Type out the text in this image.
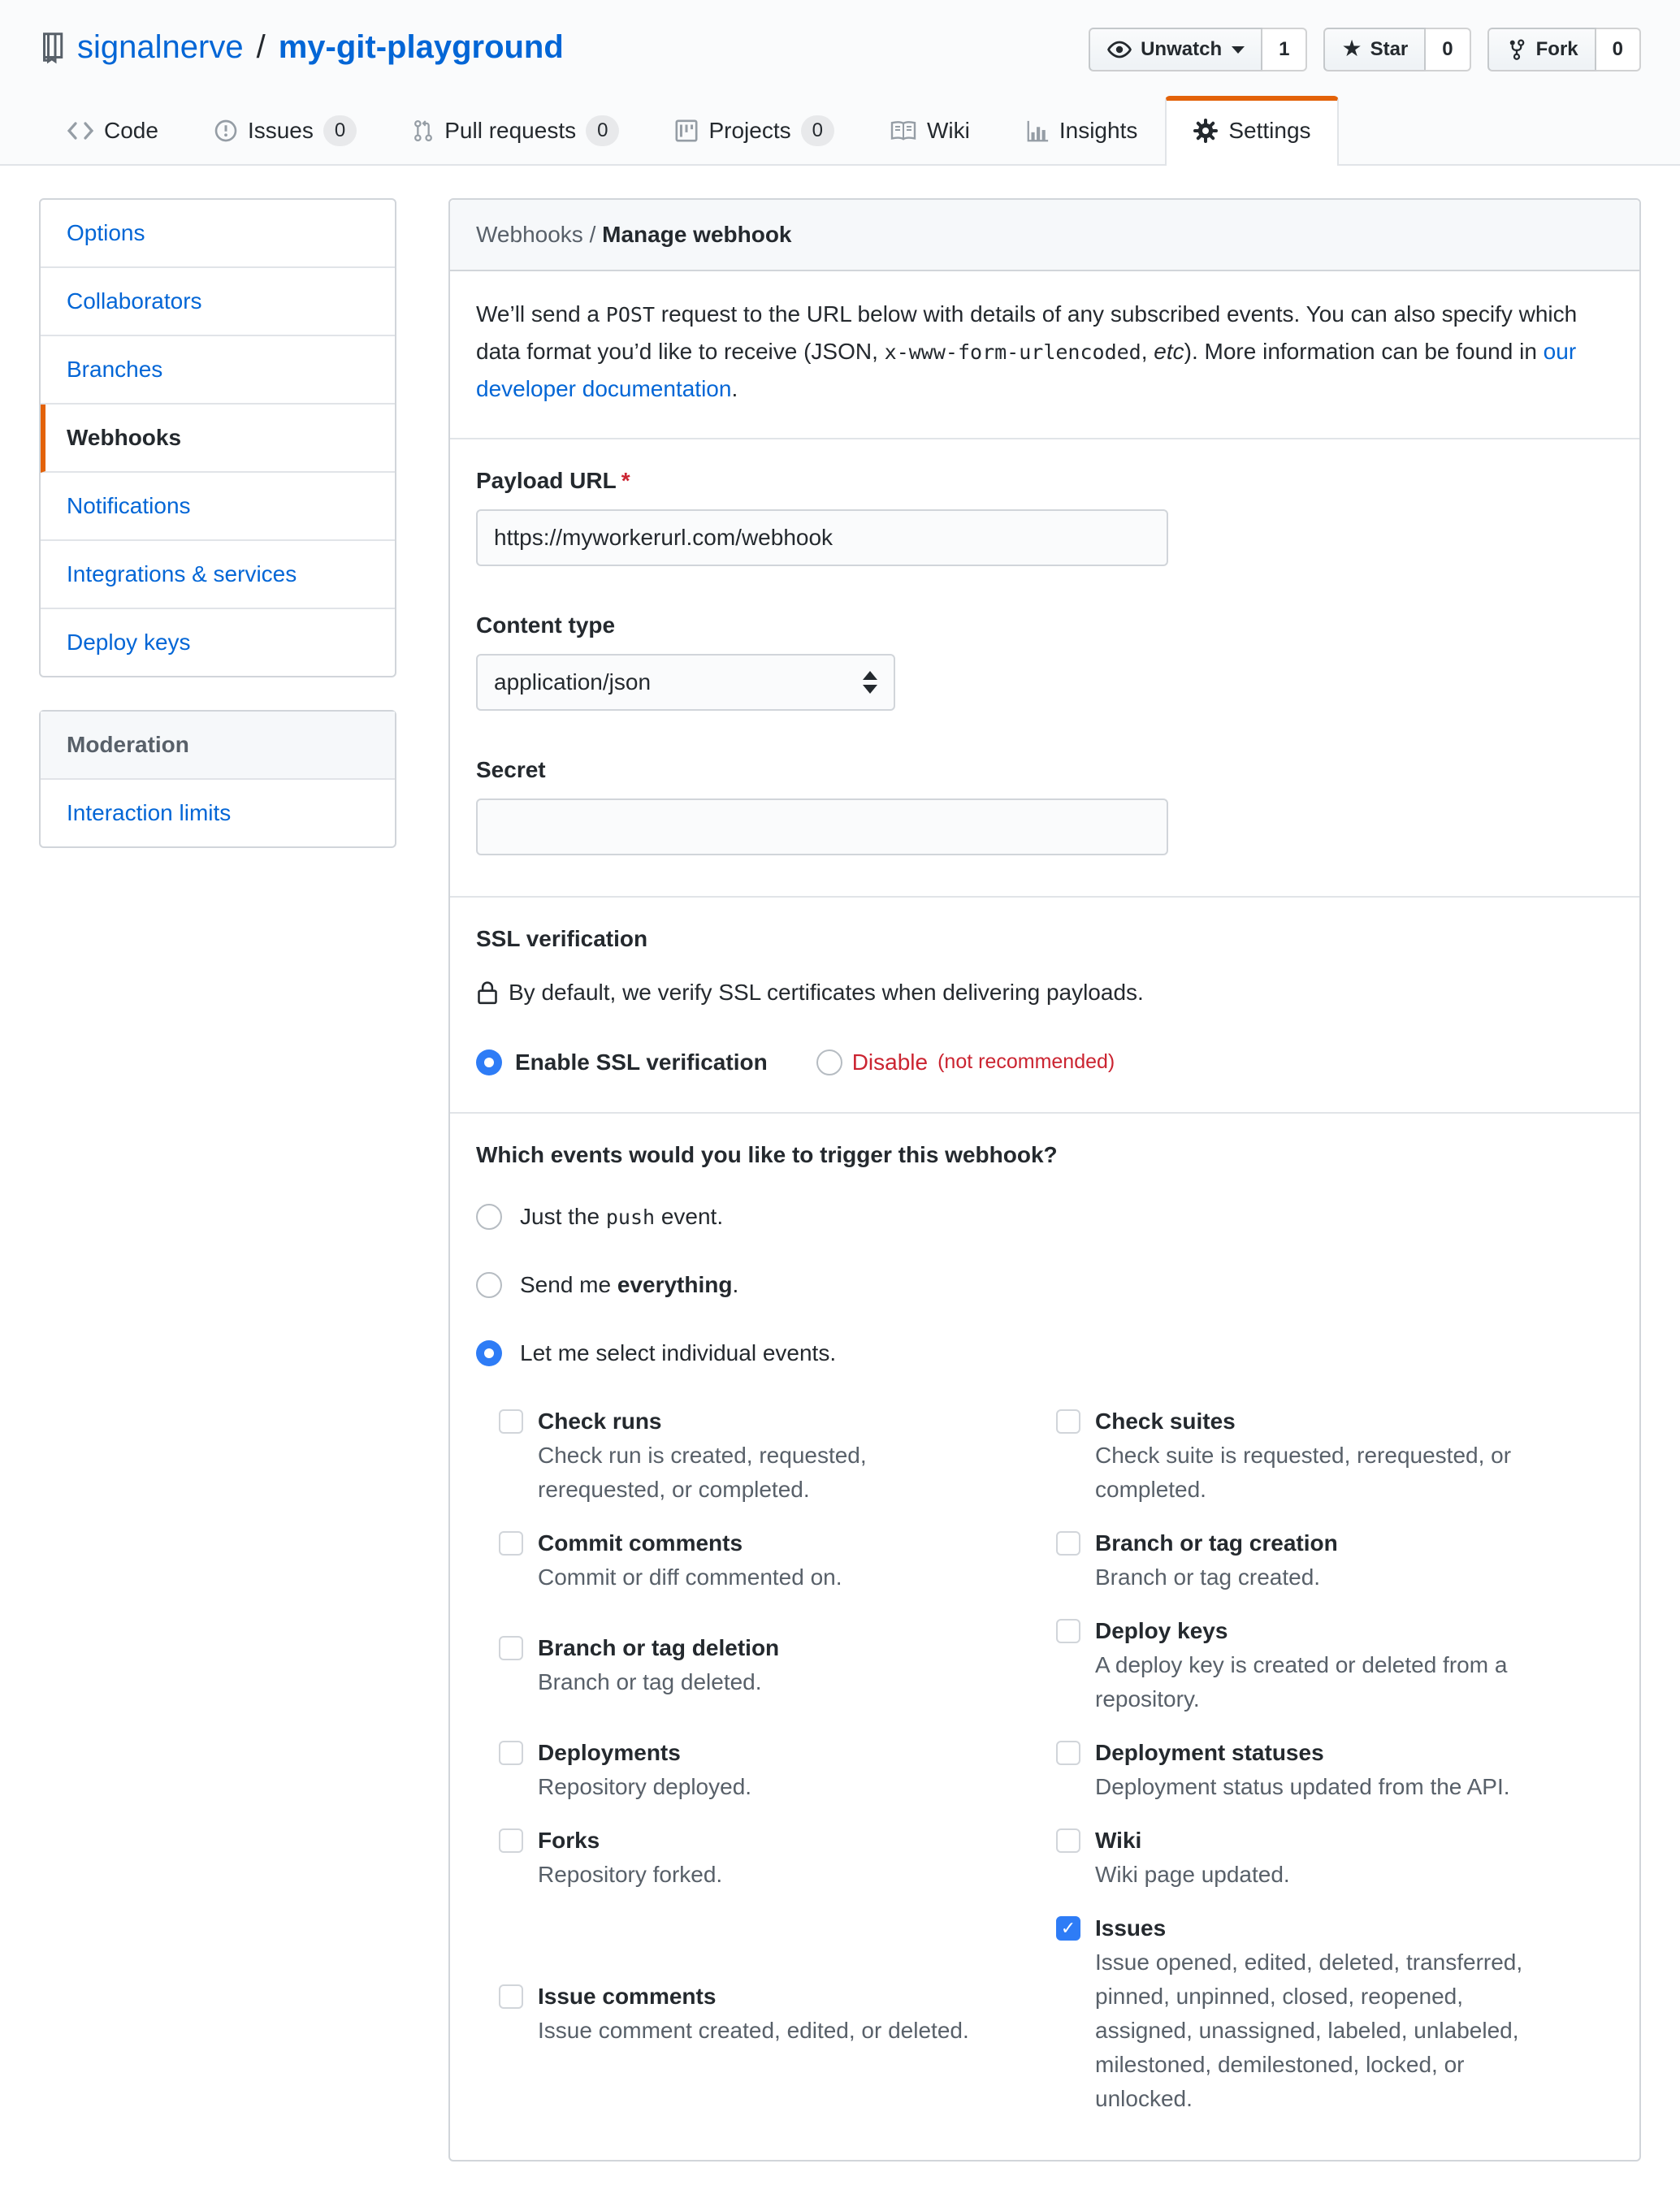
signalnerve / my-git-playground	Unwatch	1	★ Star	0	Fork	0
Code	Issues	0	Pull requests	0	Projects	0	Wiki	Insights	Settings
Options
Collaborators
Branches
Webhooks
Notifications
Integrations & services
Deploy keys
Moderation
Interaction limits
Webhooks / Manage webhook
We’ll send a POST request to the URL below with details of any subscribed events. You can also specify which data format you’d like to receive (JSON, x-www-form-urlencoded, etc). More information can be found in our developer documentation.
Payload URL *
https://myworkerurl.com/webhook
Content type
application/json
Secret
SSL verification
By default, we verify SSL certificates when delivering payloads.
Enable SSL verification	Disable (not recommended)
Which events would you like to trigger this webhook?
Just the push event.
Send me everything.
Let me select individual events.
Check runs
Check run is created, requested, rerequested, or completed.
Check suites
Check suite is requested, rerequested, or completed.
Commit comments
Commit or diff commented on.
Branch or tag creation
Branch or tag created.
Branch or tag deletion
Branch or tag deleted.
Deploy keys
A deploy key is created or deleted from a repository.
Deployments
Repository deployed.
Deployment statuses
Deployment status updated from the API.
Forks
Repository forked.
Wiki
Wiki page updated.
Issue comments
Issue comment created, edited, or deleted.
✓
Issues
Issue opened, edited, deleted, transferred, pinned, unpinned, closed, reopened, assigned, unassigned, labeled, unlabeled, milestoned, demilestoned, locked, or unlocked.
